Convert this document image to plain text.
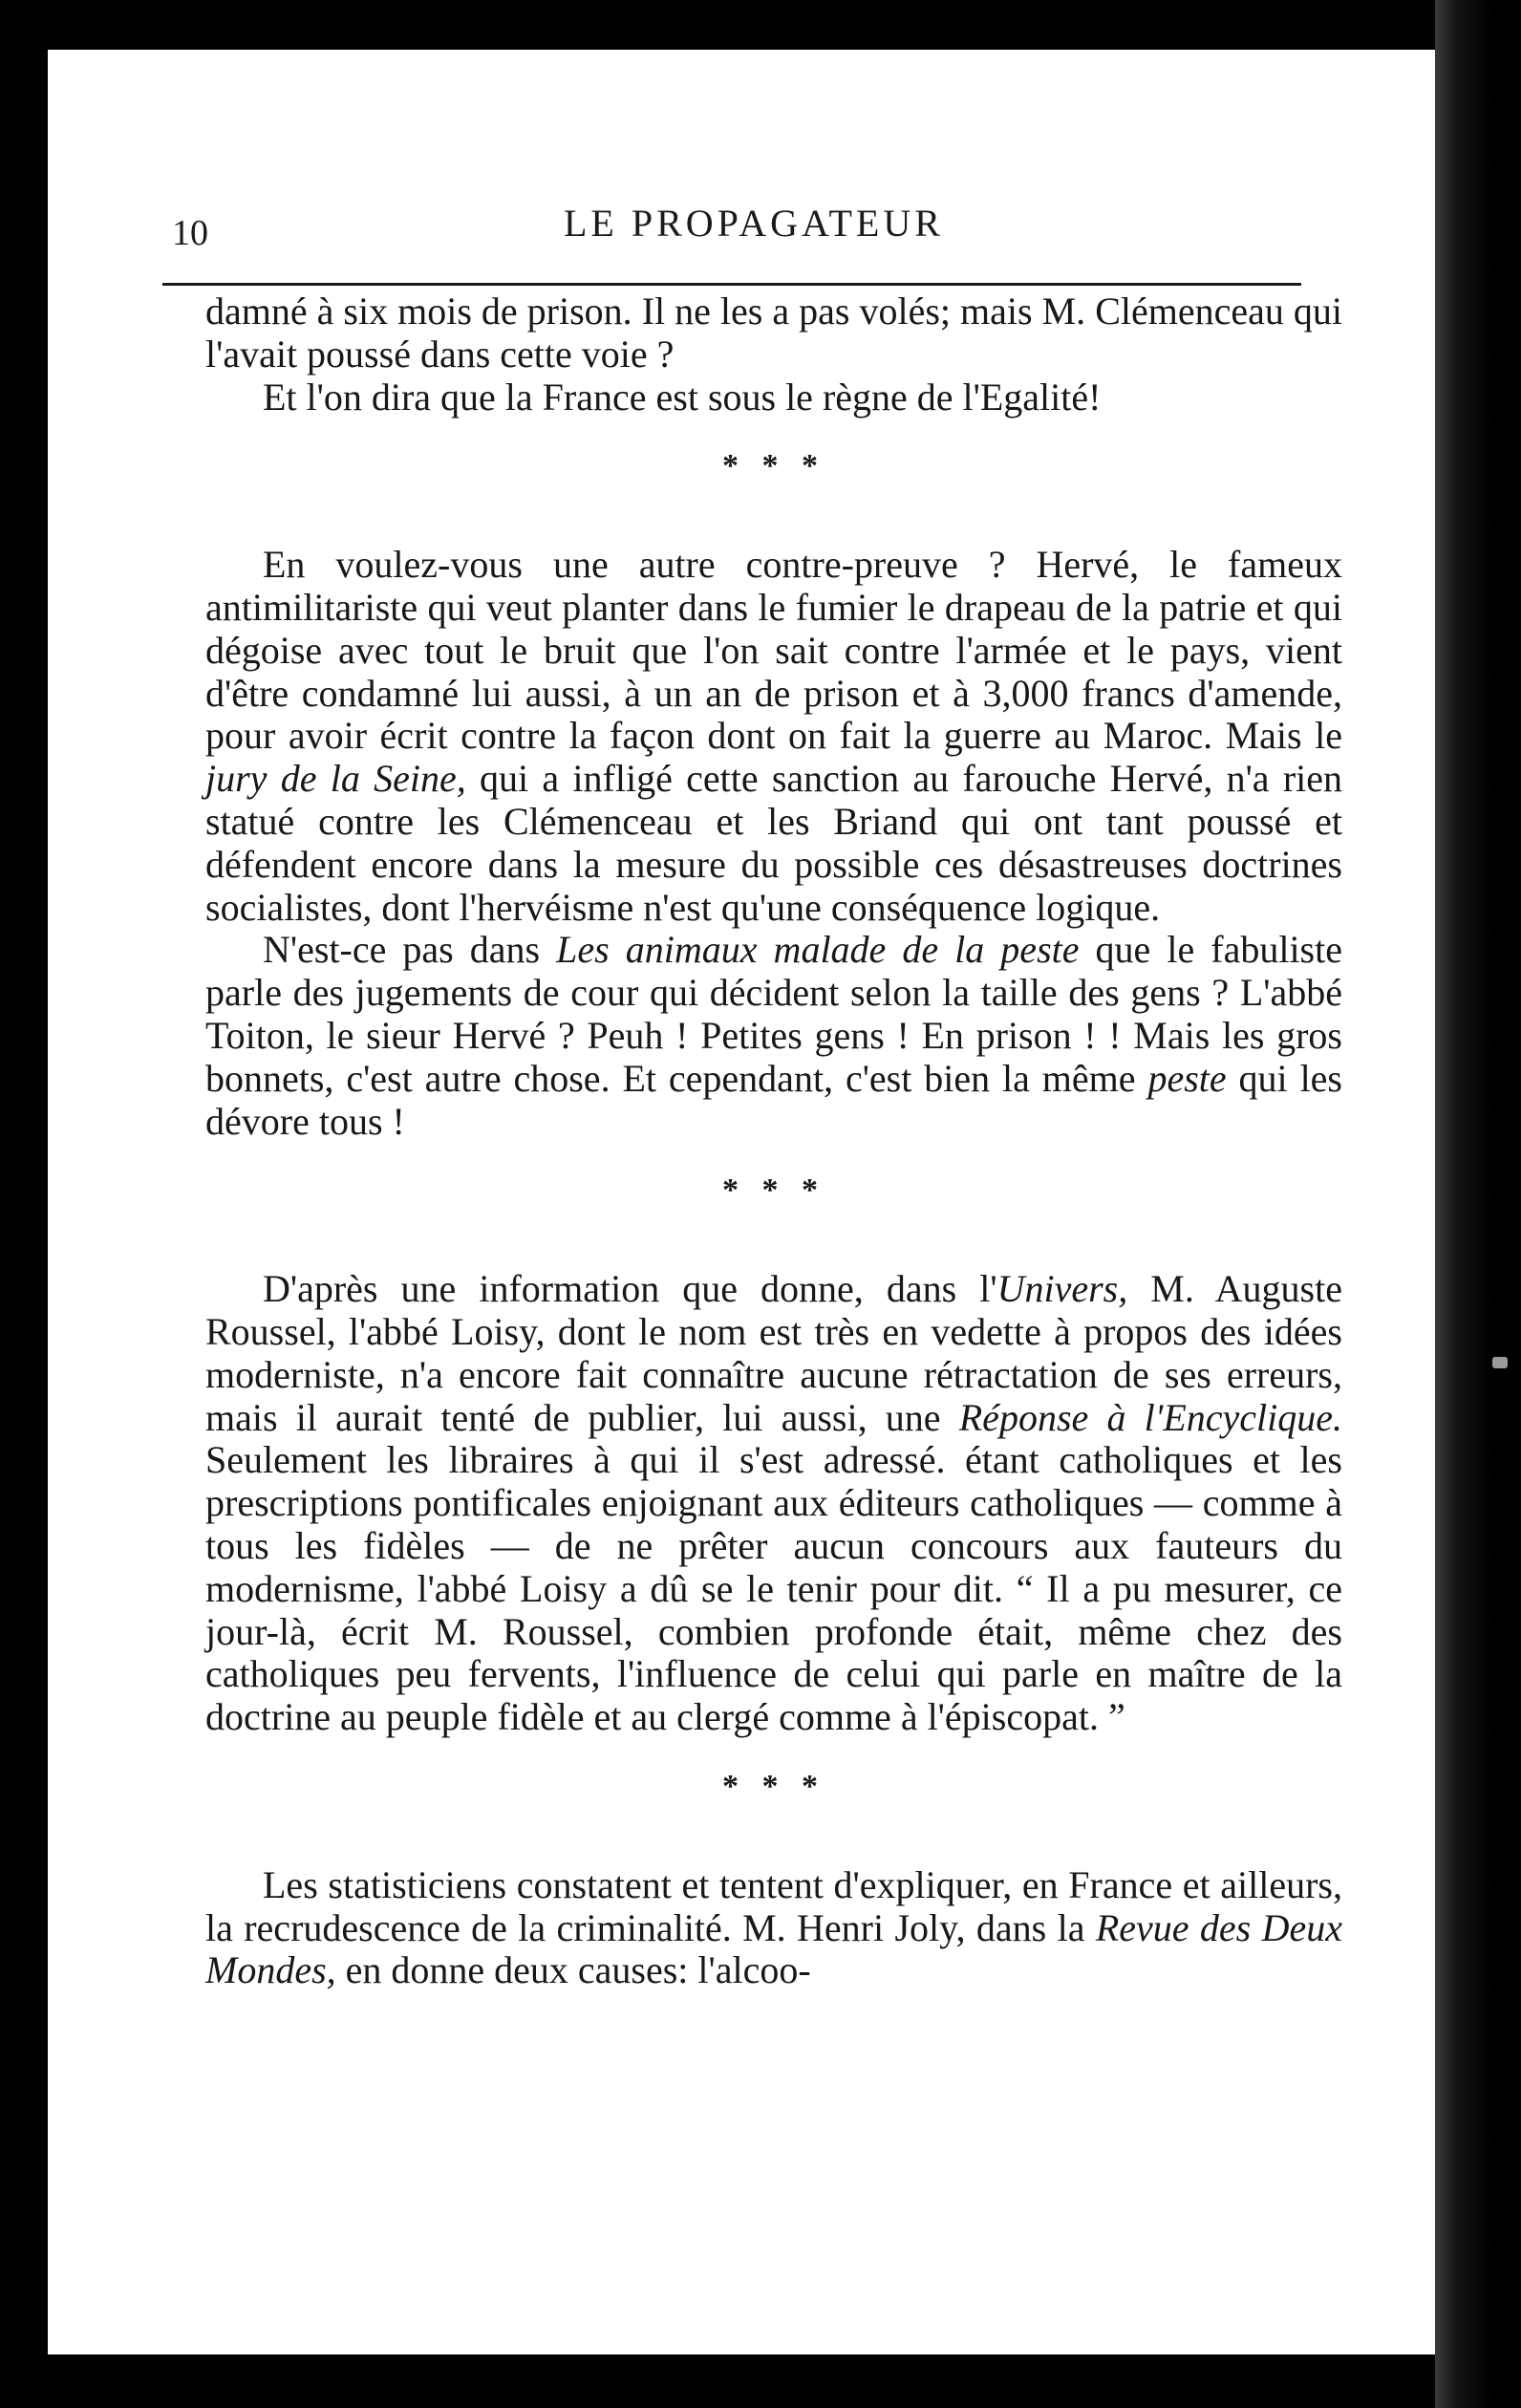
10	LE PROPAGATEUR

damné à six mois de prison. Il ne les a pas volés; mais M. Clémenceau qui l'avait poussé dans cette voie ?

Et l'on dira que la France est sous le règne de l'Egalité!

* * *

En voulez-vous une autre contre-preuve ? Hervé, le fameux antimilitariste qui veut planter dans le fumier le drapeau de la patrie et qui dégoise avec tout le bruit que l'on sait contre l'armée et le pays, vient d'être condamné lui aussi, à un an de prison et à 3,000 francs d'amende, pour avoir écrit contre la façon dont on fait la guerre au Maroc. Mais le jury de la Seine, qui a infligé cette sanction au farouche Hervé, n'a rien statué contre les Clémenceau et les Briand qui ont tant poussé et défendent encore dans la mesure du possible ces désastreuses doctrines socialistes, dont l'hervéisme n'est qu'une conséquence logique.

N'est-ce pas dans Les animaux malade de la peste que le fabuliste parle des jugements de cour qui décident selon la taille des gens ? L'abbé Toiton, le sieur Hervé ? Peuh ! Petites gens ! En prison ! ! Mais les gros bonnets, c'est autre chose. Et cependant, c'est bien la même peste qui les dévore tous !

* * *

D'après une information que donne, dans l'Univers, M. Auguste Roussel, l'abbé Loisy, dont le nom est très en vedette à propos des idées moderniste, n'a encore fait connaître aucune rétractation de ses erreurs, mais il aurait tenté de publier, lui aussi, une Réponse à l'Encyclique. Seulement les libraires à qui il s'est adressé. étant catholiques et les prescriptions pontificales enjoignant aux éditeurs catholiques — comme à tous les fidèles — de ne prêter aucun concours aux fauteurs du modernisme, l'abbé Loisy a dû se le tenir pour dit. “ Il a pu mesurer, ce jour-là, écrit M. Roussel, combien profonde était, même chez des catholiques peu fervents, l'influence de celui qui parle en maître de la doctrine au peuple fidèle et au clergé comme à l'épiscopat. ”

* * *

Les statisticiens constatent et tentent d'expliquer, en France et ailleurs, la recrudescence de la criminalité. M. Henri Joly, dans la Revue des Deux Mondes, en donne deux causes: l'alcoo-
